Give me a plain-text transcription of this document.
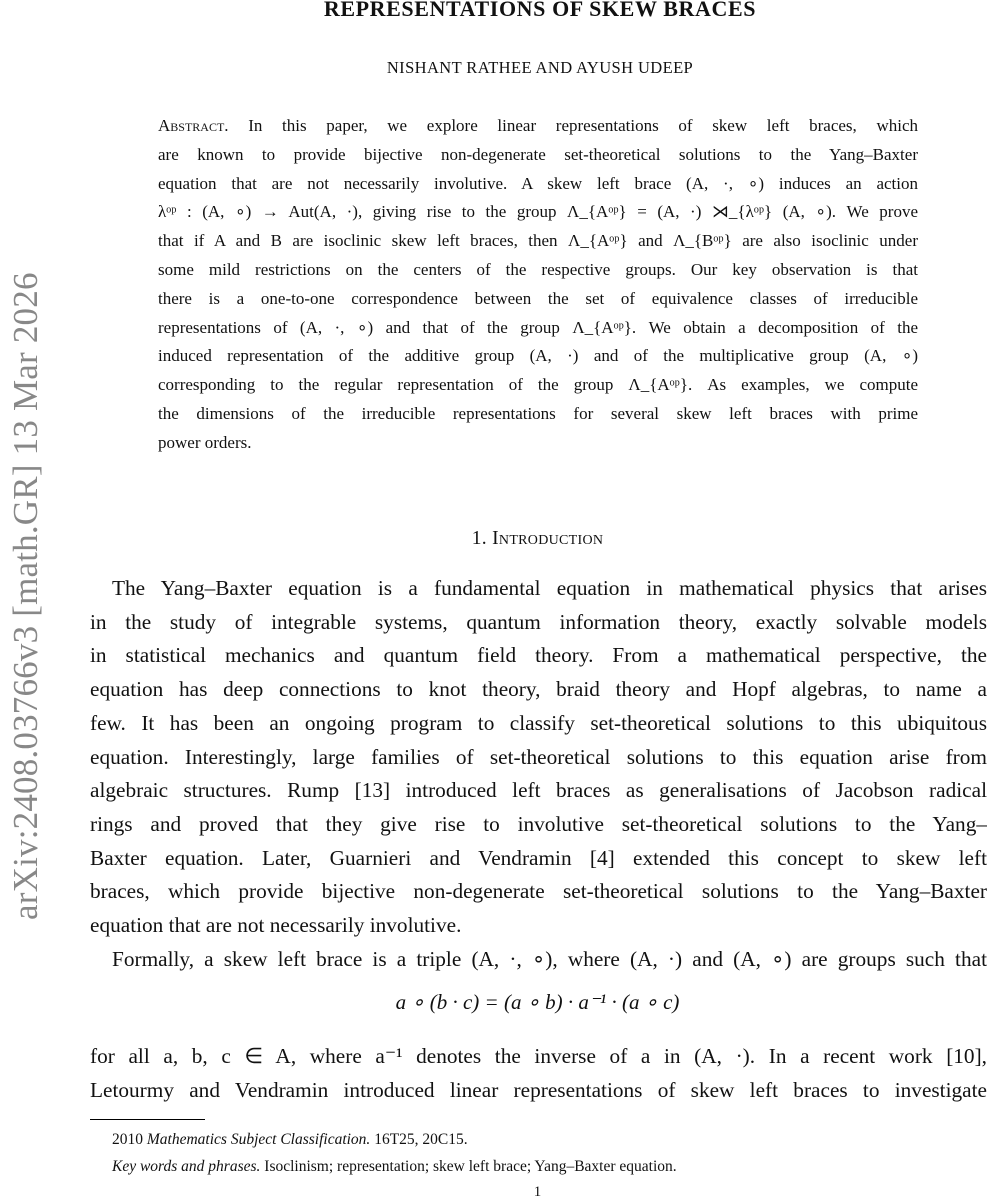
arXiv:2408.03766v3 [math.GR] 13 Mar 2026
REPRESENTATIONS OF SKEW BRACES
NISHANT RATHEE AND AYUSH UDEEP
Abstract. In this paper, we explore linear representations of skew left braces, which
are known to provide bijective non-degenerate set-theoretical solutions to the Yang–Baxter
equation that are not necessarily involutive. A skew left brace (A, ·, ∘) induces an action
λᵒᵖ : (A, ∘) → Aut(A, ·), giving rise to the group Λ_{Aᵒᵖ} = (A, ·) ⋊_{λᵒᵖ} (A, ∘). We prove
that if A and B are isoclinic skew left braces, then Λ_{Aᵒᵖ} and Λ_{Bᵒᵖ} are also isoclinic under
some mild restrictions on the centers of the respective groups. Our key observation is that
there is a one-to-one correspondence between the set of equivalence classes of irreducible
representations of (A, ·, ∘) and that of the group Λ_{Aᵒᵖ}. We obtain a decomposition of the
induced representation of the additive group (A, ·) and of the multiplicative group (A, ∘)
corresponding to the regular representation of the group Λ_{Aᵒᵖ}. As examples, we compute
the dimensions of the irreducible representations for several skew left braces with prime
power orders.
1. Introduction
The Yang–Baxter equation is a fundamental equation in mathematical physics that arises
in the study of integrable systems, quantum information theory, exactly solvable models
in statistical mechanics and quantum field theory. From a mathematical perspective, the
equation has deep connections to knot theory, braid theory and Hopf algebras, to name a
few. It has been an ongoing program to classify set-theoretical solutions to this ubiquitous
equation. Interestingly, large families of set-theoretical solutions to this equation arise from
algebraic structures. Rump [13] introduced left braces as generalisations of Jacobson radical
rings and proved that they give rise to involutive set-theoretical solutions to the Yang–
Baxter equation. Later, Guarnieri and Vendramin [4] extended this concept to skew left
braces, which provide bijective non-degenerate set-theoretical solutions to the Yang–Baxter
equation that are not necessarily involutive.
Formally, a skew left brace is a triple (A, ·, ∘), where (A, ·) and (A, ∘) are groups such that
a ∘ (b · c) = (a ∘ b) · a⁻¹ · (a ∘ c)
for all a, b, c ∈ A, where a⁻¹ denotes the inverse of a in (A, ·). In a recent work [10],
Letourmy and Vendramin introduced linear representations of skew left braces to investigate
2010 Mathematics Subject Classification. 16T25, 20C15.
Key words and phrases. Isoclinism; representation; skew left brace; Yang–Baxter equation.
1
